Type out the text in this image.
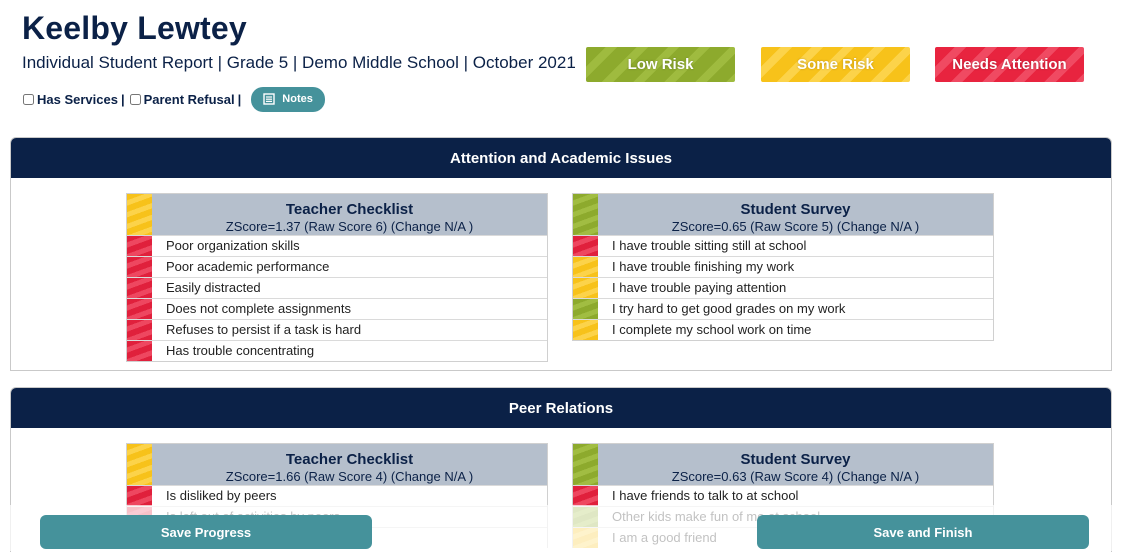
Keelby Lewtey
Individual Student Report | Grade 5 | Demo Middle School | October 2021
Has Services | Parent Refusal |	Notes
Low Risk	Some Risk	Needs Attention
Attention and Academic Issues
Teacher Checklist
ZScore=1.37 (Raw Score 6) (Change N/A )
Poor organization skills
Poor academic performance
Easily distracted
Does not complete assignments
Refuses to persist if a task is hard
Has trouble concentrating
Student Survey
ZScore=0.65 (Raw Score 5) (Change N/A )
I have trouble sitting still at school
I have trouble finishing my work
I have trouble paying attention
I try hard to get good grades on my work
I complete my school work on time
Peer Relations
Teacher Checklist
ZScore=1.66 (Raw Score 4) (Change N/A )
Is disliked by peers
Student Survey
ZScore=0.63 (Raw Score 4) (Change N/A )
I have friends to talk to at school
Save Progress	Save and Finish
